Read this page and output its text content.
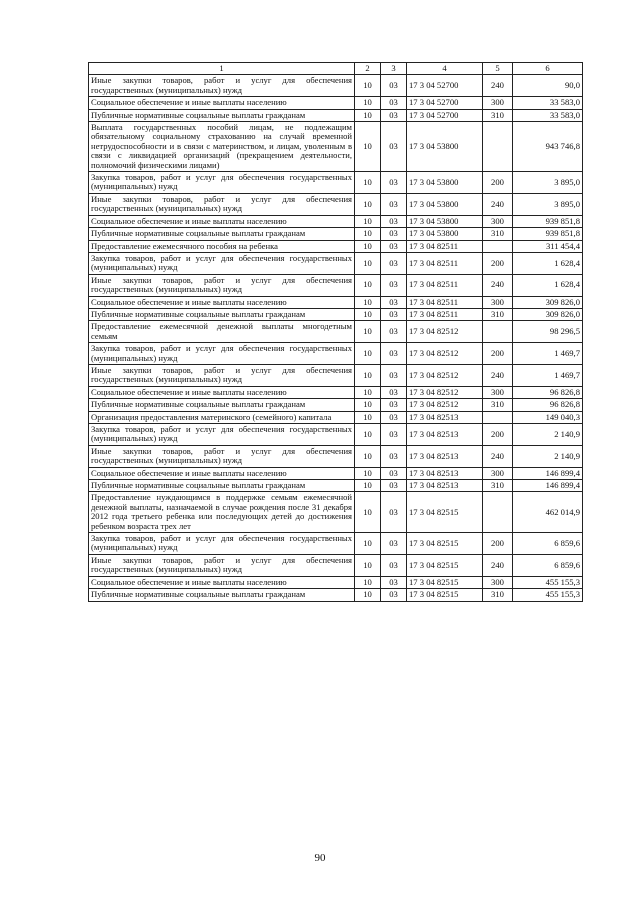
1	2	3	4	5	6
Иные закупки товаров, работ и услуг для обеспечения государственных (муниципальных) нужд	10	03	17 3 04 52700	240	90,0
Социальное обеспечение и иные выплаты населению	10	03	17 3 04 52700	300	33 583,0
Публичные нормативные социальные выплаты гражданам	10	03	17 3 04 52700	310	33 583,0
Выплата государственных пособий лицам, не подлежащим обязательному социальному страхованию на случай временной нетрудоспособности и в связи с материнством, и лицам, уволенным в связи с ликвидацией организаций (прекращением деятельности, полномочий физическими лицами)	10	03	17 3 04 53800		943 746,8
Закупка товаров, работ и услуг для обеспечения государственных (муниципальных) нужд	10	03	17 3 04 53800	200	3 895,0
Иные закупки товаров, работ и услуг для обеспечения государственных (муниципальных) нужд	10	03	17 3 04 53800	240	3 895,0
Социальное обеспечение и иные выплаты населению	10	03	17 3 04 53800	300	939 851,8
Публичные нормативные социальные выплаты гражданам	10	03	17 3 04 53800	310	939 851,8
Предоставление ежемесячного пособия на ребенка	10	03	17 3 04 82511		311 454,4
Закупка товаров, работ и услуг для обеспечения государственных (муниципальных) нужд	10	03	17 3 04 82511	200	1 628,4
Иные закупки товаров, работ и услуг для обеспечения государственных (муниципальных) нужд	10	03	17 3 04 82511	240	1 628,4
Социальное обеспечение и иные выплаты населению	10	03	17 3 04 82511	300	309 826,0
Публичные нормативные социальные выплаты гражданам	10	03	17 3 04 82511	310	309 826,0
Предоставление ежемесячной денежной выплаты многодетным семьям	10	03	17 3 04 82512		98 296,5
Закупка товаров, работ и услуг для обеспечения государственных (муниципальных) нужд	10	03	17 3 04 82512	200	1 469,7
Иные закупки товаров, работ и услуг для обеспечения государственных (муниципальных) нужд	10	03	17 3 04 82512	240	1 469,7
Социальное обеспечение и иные выплаты населению	10	03	17 3 04 82512	300	96 826,8
Публичные нормативные социальные выплаты гражданам	10	03	17 3 04 82512	310	96 826,8
Организация предоставления материнского (семейного) капитала	10	03	17 3 04 82513		149 040,3
Закупка товаров, работ и услуг для обеспечения государственных (муниципальных) нужд	10	03	17 3 04 82513	200	2 140,9
Иные закупки товаров, работ и услуг для обеспечения государственных (муниципальных) нужд	10	03	17 3 04 82513	240	2 140,9
Социальное обеспечение и иные выплаты населению	10	03	17 3 04 82513	300	146 899,4
Публичные нормативные социальные выплаты гражданам	10	03	17 3 04 82513	310	146 899,4
Предоставление нуждающимся в поддержке семьям ежемесячной денежной выплаты, назначаемой в случае рождения после 31 декабря 2012 года третьего ребенка или последующих детей до достижения ребенком возраста трех лет	10	03	17 3 04 82515		462 014,9
Закупка товаров, работ и услуг для обеспечения государственных (муниципальных) нужд	10	03	17 3 04 82515	200	6 859,6
Иные закупки товаров, работ и услуг для обеспечения государственных (муниципальных) нужд	10	03	17 3 04 82515	240	6 859,6
Социальное обеспечение и иные выплаты населению	10	03	17 3 04 82515	300	455 155,3
Публичные нормативные социальные выплаты гражданам	10	03	17 3 04 82515	310	455 155,3
90
